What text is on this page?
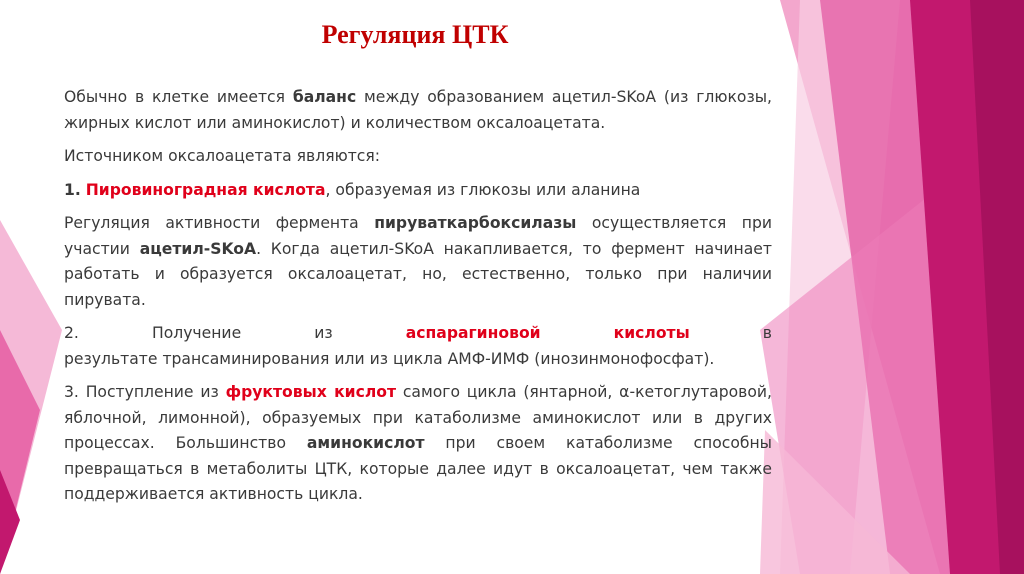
Регуляция ЦТК

Обычно в клетке имеется баланс между образованием ацетил-SKoA (из глюкозы, жирных кислот или аминокислот) и количеством оксалоацетата.

Источником оксалоацетата являются:

1. Пировиноградная кислота, образуемая из глюкозы или аланина

Регуляция активности фермента пируваткарбоксилазы осуществляется при участии ацетил-SKoA. Когда ацетил-SKoA накапливается, то фермент начинает работать и образуется оксалоацетат, но, естественно, только при наличии пирувата.

2.	Получение	из	аспарагиновой	кислоты	в
результате трансаминирования или из цикла АМФ-ИМФ (инозинмонофосфат).

3. Поступление из фруктовых кислот самого цикла (янтарной, α-кетоглутаровой, яблочной, лимонной), образуемых при катаболизме аминокислот или в других процессах. Большинство аминокислот при своем катаболизме способны превращаться в метаболиты ЦТК, которые далее идут в оксалоацетат, чем также поддерживается активность цикла.
